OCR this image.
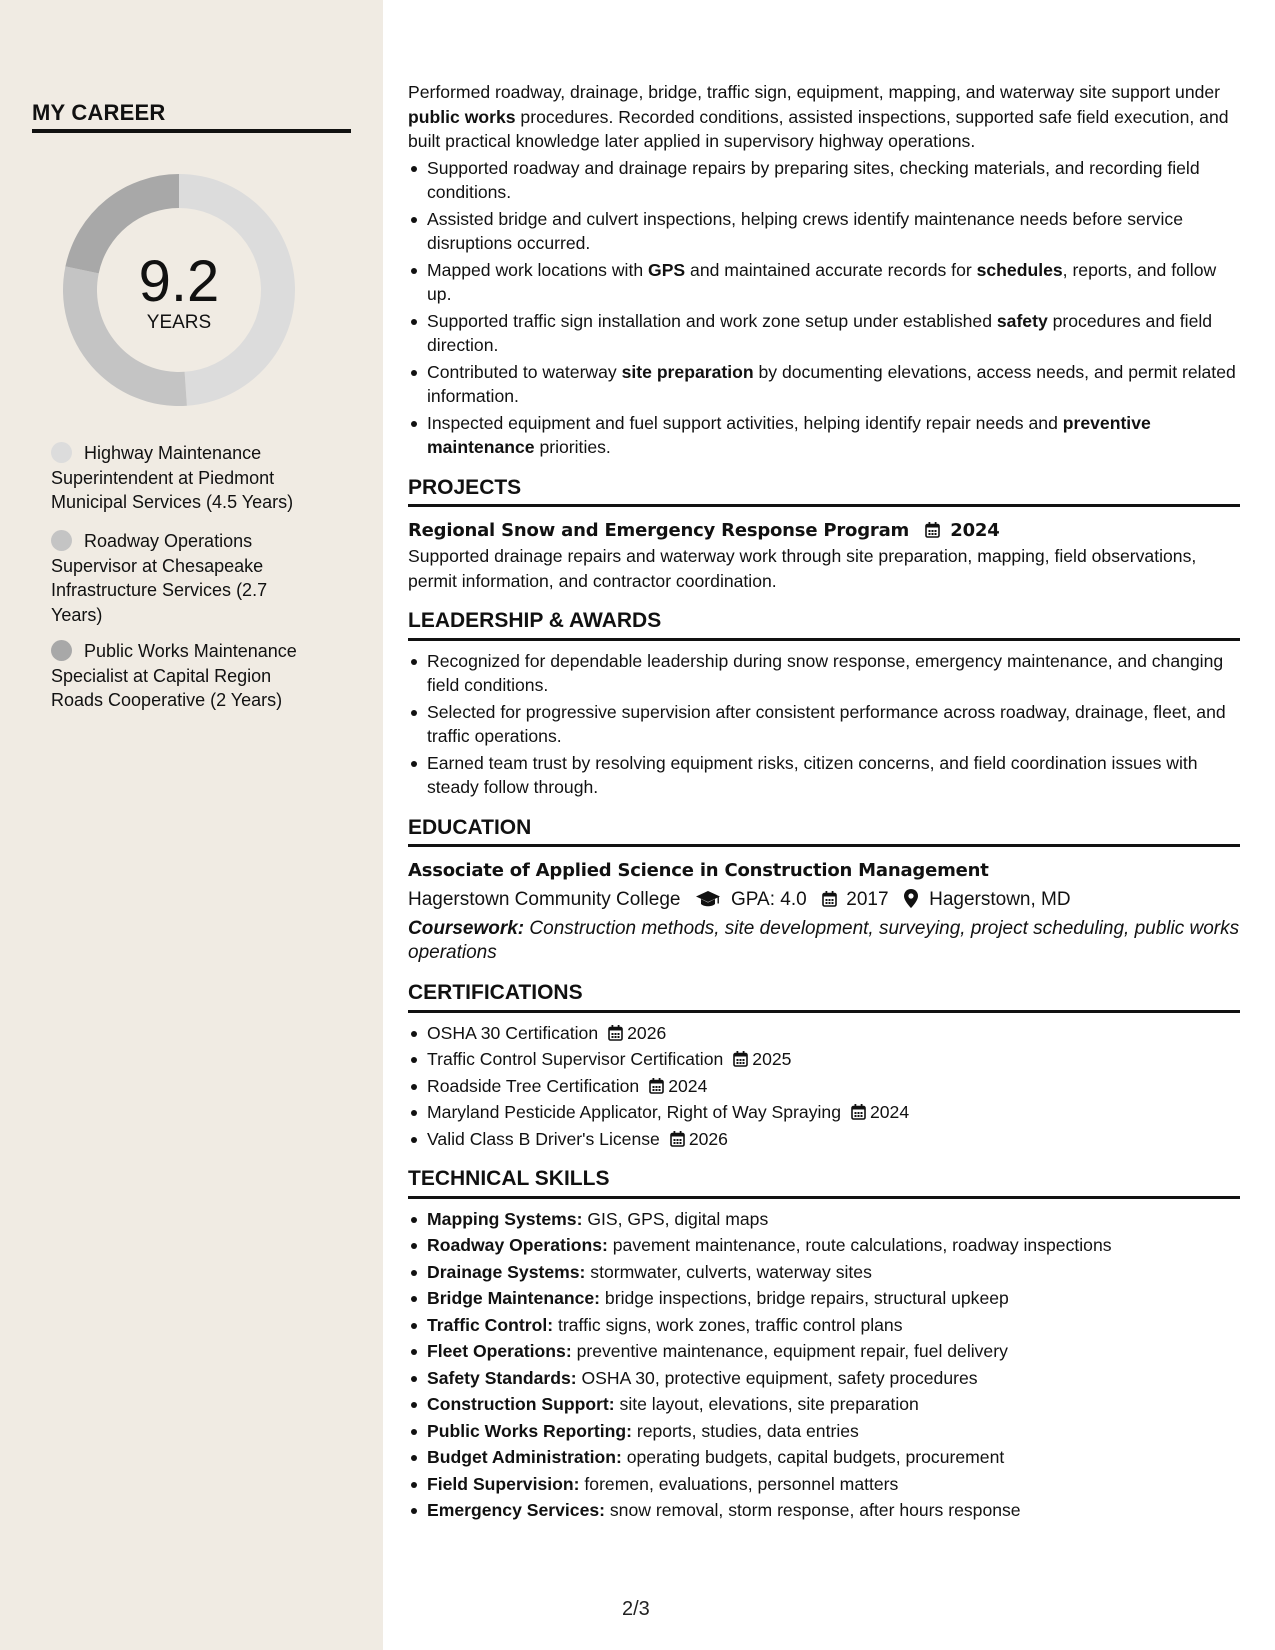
MY CAREER
9.2
YEARS
Highway Maintenance Superintendent at Piedmont Municipal Services (4.5 Years)
Roadway Operations Supervisor at Chesapeake Infrastructure Services (2.7 Years)
Public Works Maintenance Specialist at Capital Region Roads Cooperative (2 Years)

Performed roadway, drainage, bridge, traffic sign, equipment, mapping, and waterway site support under public works procedures. Recorded conditions, assisted inspections, supported safe field execution, and built practical knowledge later applied in supervisory highway operations.

Supported roadway and drainage repairs by preparing sites, checking materials, and recording field conditions.
Assisted bridge and culvert inspections, helping crews identify maintenance needs before service disruptions occurred.
Mapped work locations with GPS and maintained accurate records for schedules, reports, and follow up.
Supported traffic sign installation and work zone setup under established safety procedures and field direction.
Contributed to waterway site preparation by documenting elevations, access needs, and permit related information.
Inspected equipment and fuel support activities, helping identify repair needs and preventive maintenance priorities.
PROJECTS
Regional Snow and Emergency Response Program 2024

Supported drainage repairs and waterway work through site preparation, mapping, field observations, permit information, and contractor coordination.

LEADERSHIP & AWARDS
Recognized for dependable leadership during snow response, emergency maintenance, and changing field conditions.
Selected for progressive supervision after consistent performance across roadway, drainage, fleet, and traffic operations.
Earned team trust by resolving equipment risks, citizen concerns, and field coordination issues with steady follow through.
EDUCATION
Associate of Applied Science in Construction Management
Hagerstown Community College	GPA: 4.0 2017 Hagerstown, MD
Coursework: Construction methods, site development, surveying, project scheduling, public works operations
CERTIFICATIONS
OSHA 30 Certification 2026
Traffic Control Supervisor Certification 2025
Roadside Tree Certification 2024
Maryland Pesticide Applicator, Right of Way Spraying 2024
Valid Class B Driver's License 2026
TECHNICAL SKILLS
Mapping Systems: GIS, GPS, digital maps
Roadway Operations: pavement maintenance, route calculations, roadway inspections
Drainage Systems: stormwater, culverts, waterway sites
Bridge Maintenance: bridge inspections, bridge repairs, structural upkeep
Traffic Control: traffic signs, work zones, traffic control plans
Fleet Operations: preventive maintenance, equipment repair, fuel delivery
Safety Standards: OSHA 30, protective equipment, safety procedures
Construction Support: site layout, elevations, site preparation
Public Works Reporting: reports, studies, data entries
Budget Administration: operating budgets, capital budgets, procurement
Field Supervision: foremen, evaluations, personnel matters
Emergency Services: snow removal, storm response, after hours response
2/3
